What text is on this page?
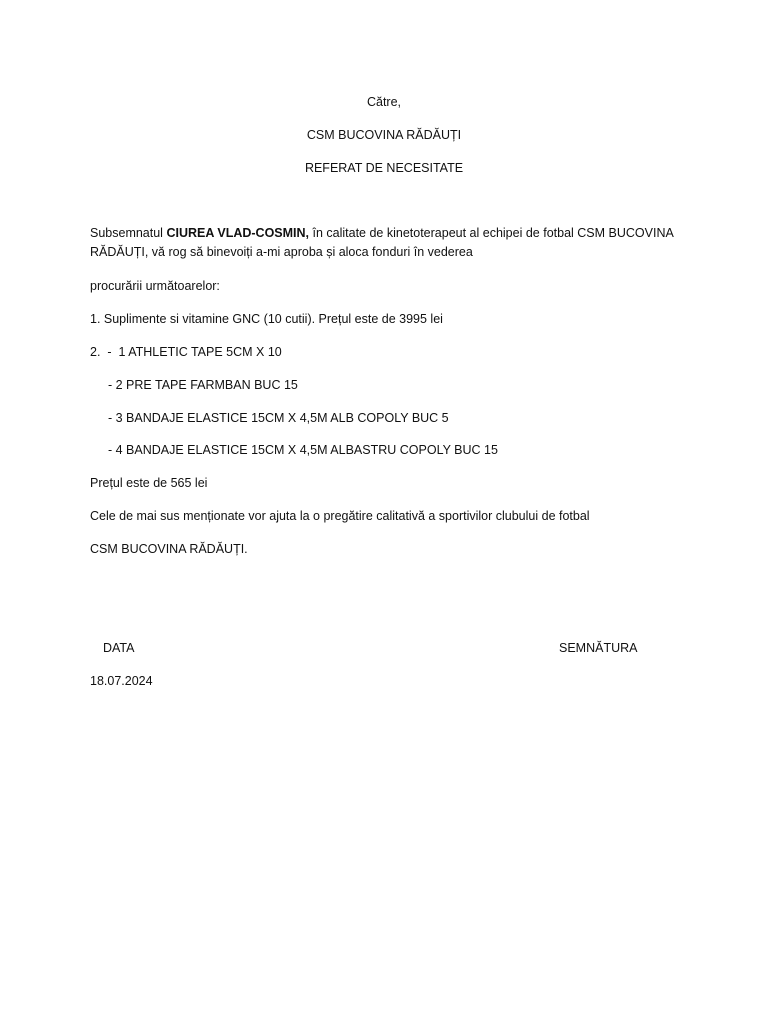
Către,
CSM BUCOVINA RĂDĂUȚI
REFERAT DE NECESITATE
Subsemnatul CIUREA VLAD-COSMIN, în calitate de kinetoterapeut al echipei de fotbal CSM BUCOVINA RĂDĂUȚI, vă rog să binevoiți a-mi aproba și aloca fonduri în vederea
procurării următoarelor:
1. Suplimente si vitamine GNC (10 cutii). Prețul este de 3995 lei
2.  -  1 ATHLETIC TAPE 5CM X 10
- 2 PRE TAPE FARMBAN BUC 15
- 3 BANDAJE ELASTICE 15CM X 4,5M ALB COPOLY BUC 5
- 4 BANDAJE ELASTICE 15CM X 4,5M ALBASTRU COPOLY BUC 15
Prețul este de 565 lei
Cele de mai sus menționate vor ajuta la o pregătire calitativă a sportivilor clubului de fotbal
CSM BUCOVINA RĂDĂUȚI.
DATA	SEMNĂTURA
18.07.2024
